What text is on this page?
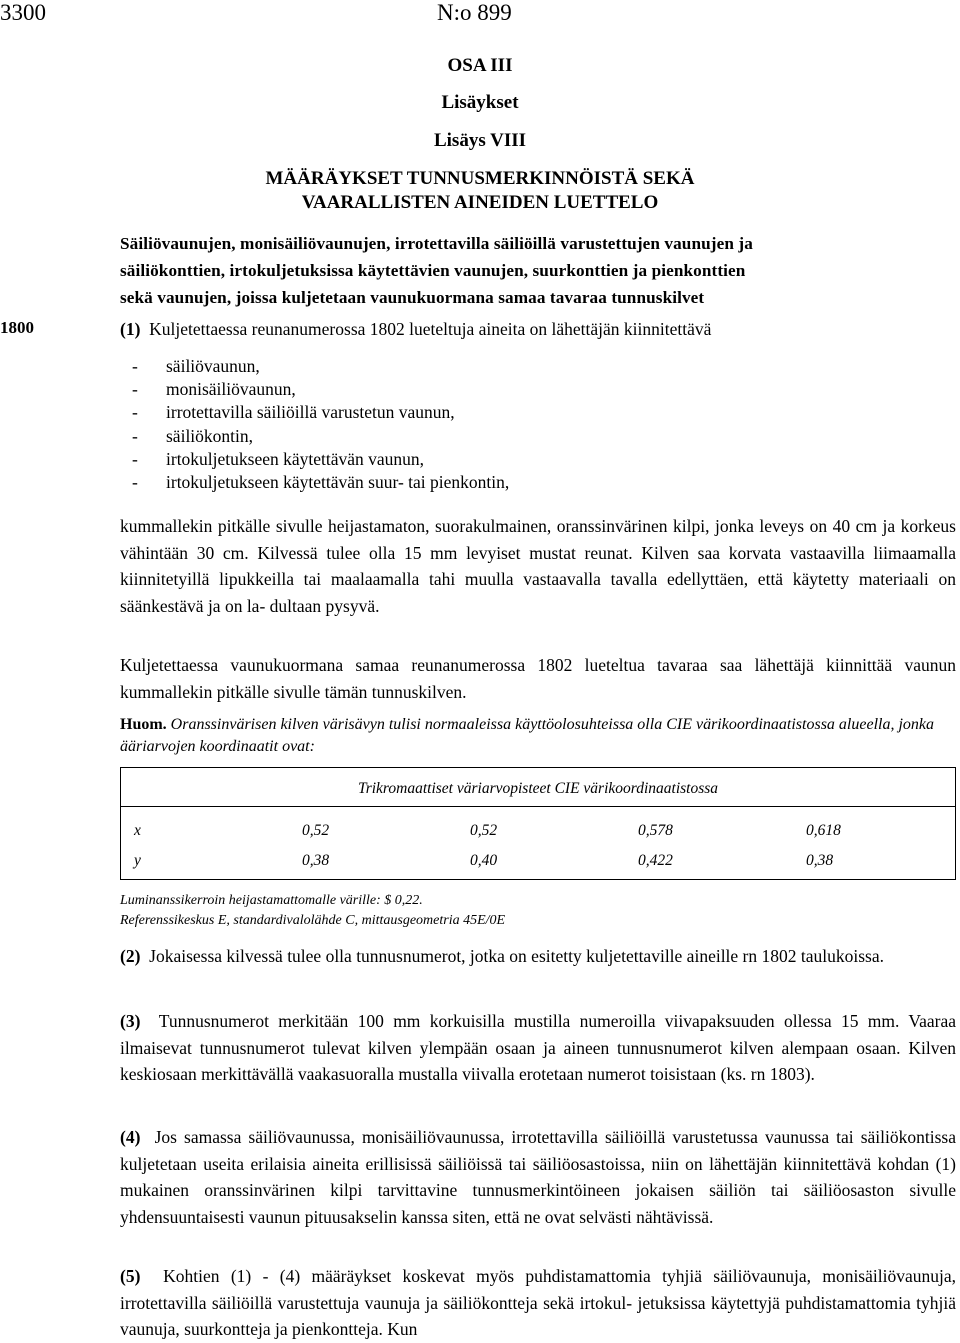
3300	N:o 899
OSA III
Lisäykset
Lisäys VIII
MÄÄRÄYKSET TUNNUSMERKINNÖISTÄ SEKÄ
VAARALLISTEN AINEIDEN LUETTELO
Säiliövaunujen, monisäiliövaunujen, irrotettavilla säiliöillä varustettujen vaunujen ja
säiliökonttien, irtokuljetuksissa käytettävien vaunujen, suurkonttien ja pienkonttien
sekä vaunujen, joissa kuljetetaan vaunukuormana samaa tavaraa tunnuskilvet
1800	(1) Kuljetettaessa reunanumerossa 1802 lueteltuja aineita on lähettäjän kiinnitettävä
- säiliövaunun,
- monisäiliövaunun,
- irrotettavilla säiliöillä varustetun vaunun,
- säiliökontin,
- irtokuljetukseen käytettävän vaunun,
- irtokuljetukseen käytettävän suur- tai pienkontin,
kummallekin pitkälle sivulle heijastamaton, suorakulmainen, oranssinvärinen kilpi, jonka leveys on 40 cm ja korkeus vähintään 30 cm. Kilvessä tulee olla 15 mm levyiset mustat reunat. Kilven saa korvata vastaavilla liimaamalla kiinnitetyillä lipukkeilla tai maalaamalla tahi muulla vastaavalla tavalla edellyttäen, että käytetty materiaali on säänkestävä ja on la- dultaan pysyvä.
Kuljetettaessa vaunukuormana samaa reunanumerossa 1802 lueteltua tavaraa saa lähettäjä kiinnittää vaunun kummallekin pitkälle sivulle tämän tunnuskilven.
Huom. Oranssinvärisen kilven värisävyn tulisi normaaleissa käyttöolosuhteissa olla CIE värikoordinaatistossa alueella, jonka ääriarvojen koordinaatit ovat:
Trikromaattiset väriarvopisteet CIE värikoordinaatistossa
x	0,52	0,52	0,578	0,618
y	0,38	0,40	0,422	0,38
Luminanssikerroin heijastamattomalle värille: $ 0,22.
Referenssikeskus E, standardivalolähde C, mittausgeometria 45E/0E
(2) Jokaisessa kilvessä tulee olla tunnusnumerot, jotka on esitetty kuljetettaville aineille rn 1802 taulukoissa.
(3) Tunnusnumerot merkitään 100 mm korkuisilla mustilla numeroilla viivapaksuuden ollessa 15 mm. Vaaraa ilmaisevat tunnusnumerot tulevat kilven ylempään osaan ja aineen tunnusnumerot kilven alempaan osaan. Kilven keskiosaan merkittävällä vaakasuoralla mustalla viivalla erotetaan numerot toisistaan (ks. rn 1803).
(4) Jos samassa säiliövaunussa, monisäiliövaunussa, irrotettavilla säiliöillä varustetussa vaunussa tai säiliökontissa kuljetetaan useita erilaisia aineita erillisissä säiliöissä tai säiliöosastoissa, niin on lähettäjän kiinnitettävä kohdan (1) mukainen oranssinvärinen kilpi tarvittavine tunnusmerkintöineen jokaisen säiliön tai säiliöosaston sivulle yhdensuuntaisesti vaunun pituusakselin kanssa siten, että ne ovat selvästi nähtävissä.
(5) Kohtien (1) - (4) määräykset koskevat myös puhdistamattomia tyhjiä säiliövaunuja, monisäiliövaunuja, irrotettavilla säiliöillä varustettuja vaunuja ja säiliökontteja sekä irtokul- jetuksissa käytettyjä puhdistamattomia tyhjiä vaunuja, suurkontteja ja pienkontteja. Kun
